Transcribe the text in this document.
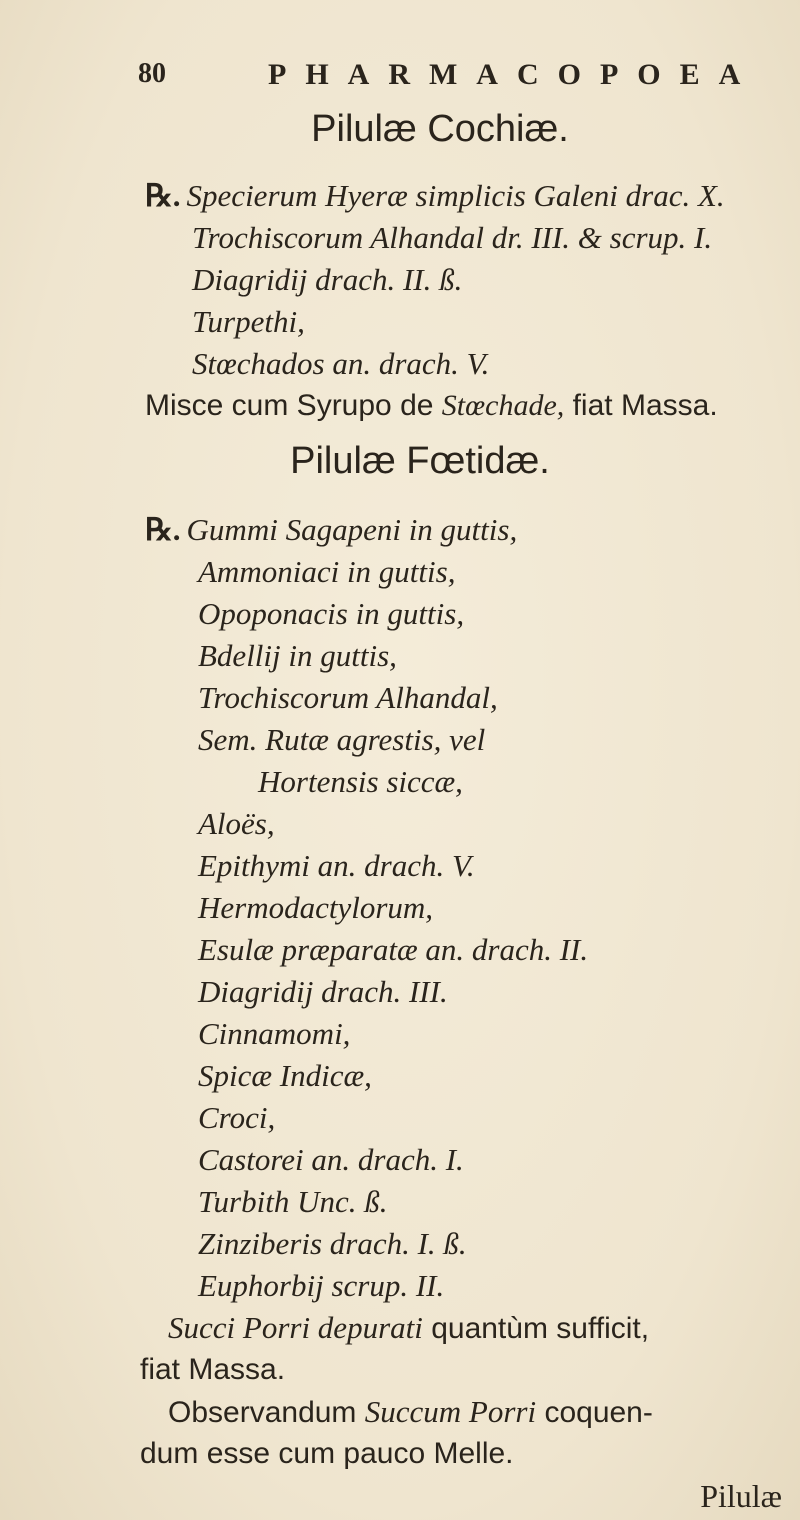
80	PHARMACOPOEA
Pilulæ Cochiæ.
℞. Specierum Hyeræ simplicis Galeni drac. X.
Trochiscorum Alhandal dr. III. & scrup. I.
Diagridij drach. II. ß.
Turpethi,
Stœchados an. drach. V.
Misce cum Syrupo de Stœchade, fiat Massa.
Pilulæ Fœtidæ.
℞. Gummi Sagapeni in guttis,
Ammoniaci in guttis,
Opoponacis in guttis,
Bdellij in guttis,
Trochiscorum Alhandal,
Sem. Rutæ agrestis, vel
Hortensis siccæ,
Aloës,
Epithymi an. drach. V.
Hermodactylorum,
Esulæ præparatæ an. drach. II.
Diagridij drach. III.
Cinnamomi,
Spicæ Indicæ,
Croci,
Castorei an. drach. I.
Turbith Unc. ß.
Zinziberis drach. I. ß.
Euphorbij scrup. II.
Succi Porri depurati quantùm sufficit,
fiat Massa.
Observandum Succum Porri coquen-
dum esse cum pauco Melle.
Pilulæ
